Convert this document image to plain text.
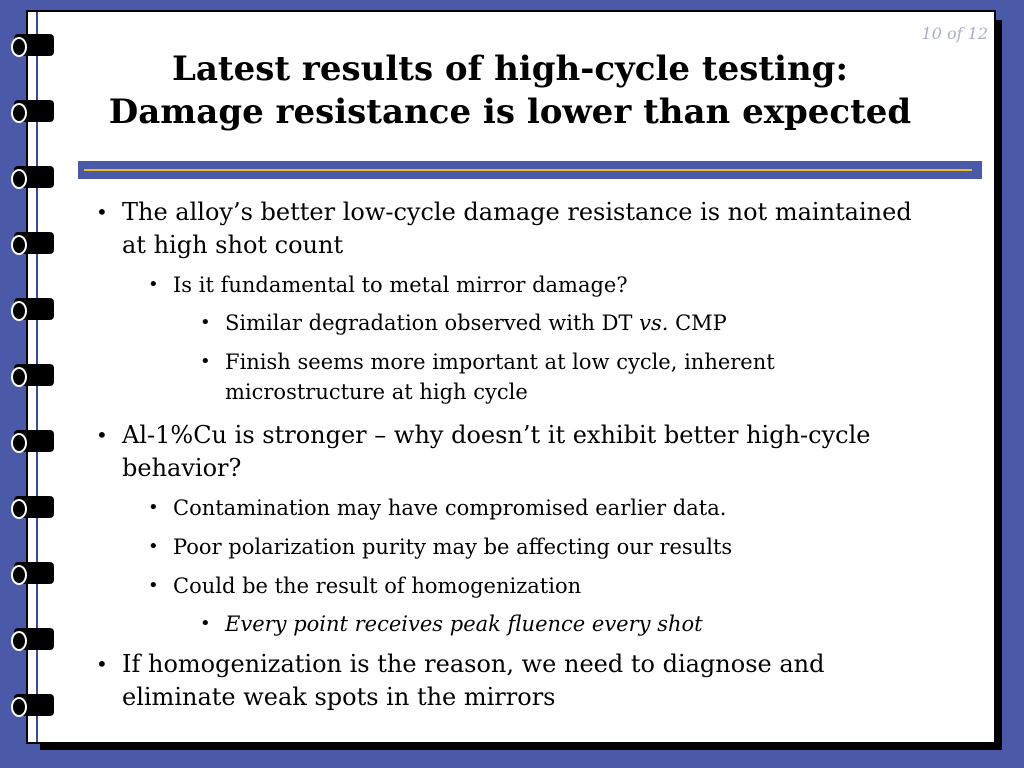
10 of 12
Latest results of high-cycle testing:
Damage resistance is lower than expected
• The alloy’s better low-cycle damage resistance is not maintained at high shot count
• Is it fundamental to metal mirror damage?
• Similar degradation observed with DT vs. CMP
• Finish seems more important at low cycle, inherent microstructure at high cycle
• Al-1%Cu is stronger – why doesn’t it exhibit better high-cycle behavior?
• Contamination may have compromised earlier data.
• Poor polarization purity may be affecting our results
• Could be the result of homogenization
• Every point receives peak fluence every shot
• If homogenization is the reason, we need to diagnose and eliminate weak spots in the mirrors
